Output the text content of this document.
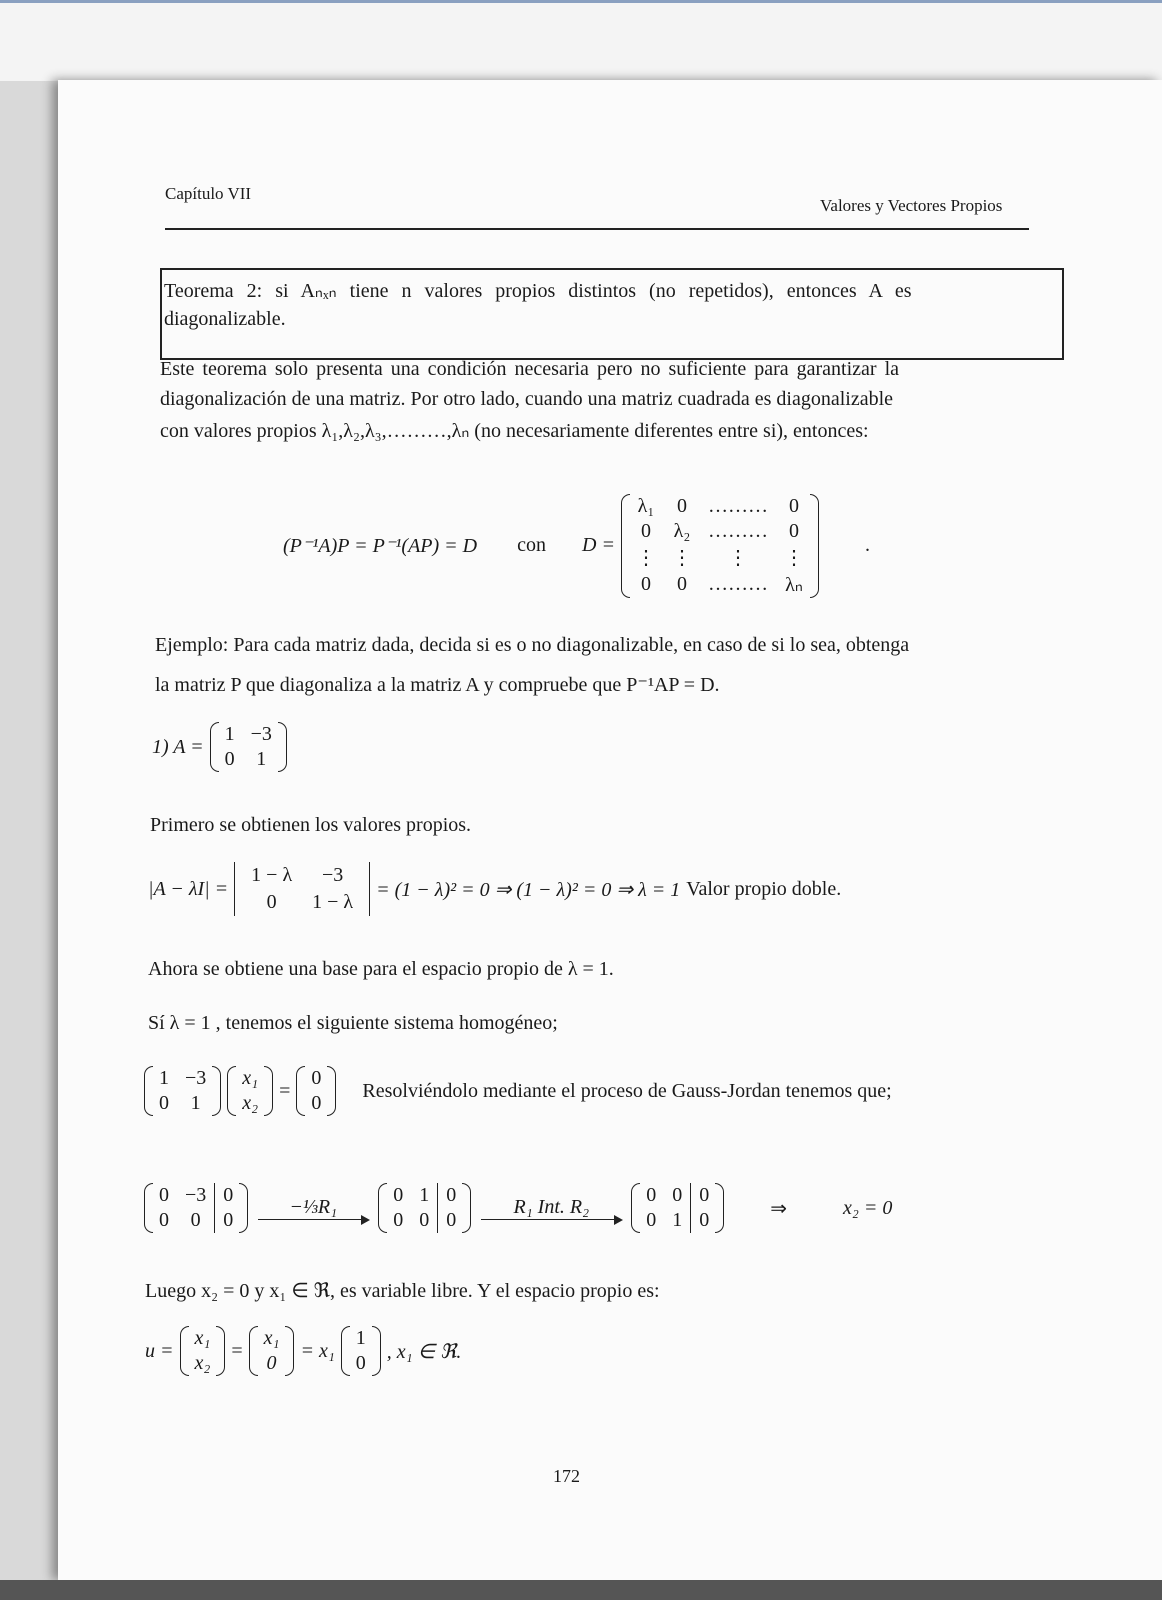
Capítulo VII
Valores y Vectores Propios
Teorema 2: si Aₙₓₙ tiene n valores propios distintos (no repetidos), entonces A es
diagonalizable.
Este teorema solo presenta una condición necesaria pero no suficiente para garantizar la
diagonalización de una matriz. Por otro lado, cuando una matriz cuadrada es diagonalizable
con valores propios λ₁,λ₂,λ₃,………,λₙ (no necesariamente diferentes entre si), entonces:
(P⁻¹A)P = P⁻¹(AP) = D con D =
λ₁	0	………	0
0	λ₂	………	0
⋮	⋮	⋮	⋮
0	0	………	λₙ
.
Ejemplo: Para cada matriz dada, decida si es o no diagonalizable, en caso de si lo sea, obtenga
la matriz P que diagonaliza a la matriz A y compruebe que P⁻¹AP = D.
1) A =
1	−3
0	1
Primero se obtienen los valores propios.
|A − λI| =
1 − λ	−3
0	1 − λ
= (1 − λ)² = 0 ⇒ (1 − λ)² = 0 ⇒ λ = 1 Valor propio doble.
Ahora se obtiene una base para el espacio propio de λ = 1.
Sí λ = 1 , tenemos el siguiente sistema homogéneo;
1	−3
0	1
x₁
x₂
=
0
0
Resolviéndolo mediante el proceso de Gauss-Jordan tenemos que;
0	−3	0
0	0	0
−⅓R₁
0	1	0
0	0	0
R₁ Int. R₂
0	0	0
0	1	0
⇒	x₂ = 0
Luego x₂ = 0 y x₁ ∈ ℜ, es variable libre. Y el espacio propio es:
u =
x₁
x₂
=
x₁
0
= x₁
1
0
, x₁ ∈ ℜ.
172
